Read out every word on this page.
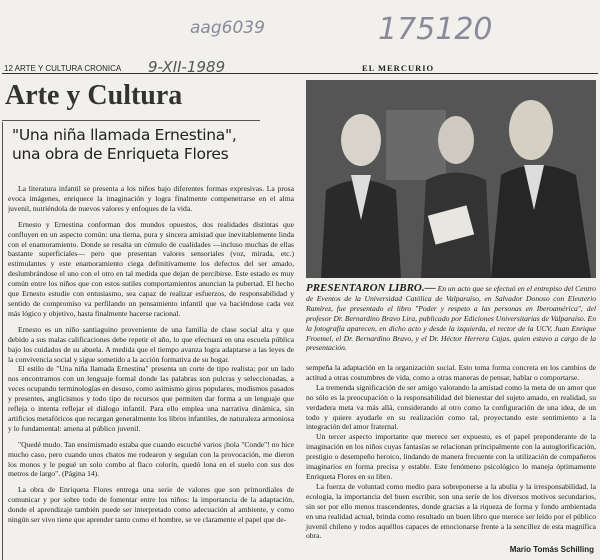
aag6039	175120
9-XII-1989
12 ARTE Y CULTURA CRONICA	EL MERCURIO
Arte y Cultura
"Una niña llamada Ernestina",
una obra de Enriqueta Flores

La literatura infantil se presenta a los niños bajo diferentes formas expresivas. La prosa evoca imágenes, enriquece la imaginación y logra finalmente compenetrarse en el alma juvenil, nutriéndola de nuevos valores y enfoques de la vida.

Ernesto y Ernestina conforman dos mundos opuestos, dos realidades distintas que confluyen en un aspecto común: una tierna, pura y sincera amistad que inevitablemente linda con el enamoramiento. Donde se resalta un cúmulo de cualidades —incluso muchas de ellas bastante superficiales— pero que presentan valores sensoriales (voz, mirada, etc.) estimulantes y este enamoramiento ciega definitivamente los defectos del ser amado, deslumbrándose el uno con el otro en tal medida que dejan de percibirse. Este estado es muy común entre los niños que con estos sutiles comportamientos anuncian la pubertad. El hecho que Ernesto estudie con entusiasmo, sea capaz de realizar esfuerzos, de responsabilidad y sentido de compromiso va perfilando un pensamiento infantil que va haciéndose cada vez más lógico y objetivo, hasta finalmente hacerse racional.

Ernesto es un niño santiaguino proveniente de una familia de clase social alta y que debido a sus malas calificaciones debe repetir el año, lo que efectuará en una escuela pública bajo los cuidados de su abuela. A medida que el tiempo avanza logra adaptarse a las leyes de la convivencia social y sigue sometido a la acción formativa de su hogar.

El estilo de "Una niña llamada Ernestina" presenta un corte de tipo realista; por un lado nos encontramos con un lenguaje formal donde las palabras son pulcras y seleccionadas, a veces ocupando terminologías en desuso, como asimismo giros populares, modismos pasados y presentes, anglicismos y todo tipo de recursos que permiten dar forma a un lenguaje que refleja o intenta reflejar el diálogo infantil. Para ello emplea una narrativa dinámica, sin artificios metafóricos que recargan generalmente los libros infantiles, de naturaleza armoniosa y lo fundamental: amena al público juvenil.

"Quedé mudo. Tan ensimismado estaba que cuando escuché varios ¡hola "Conde"! no hice mucho caso, pero cuando unos chatos me rodearon y seguían con la provocación, me dieron los monos y le pegué un solo combo al flaco colorín, quedó lona en el suelo con sus dos metros de largo". (Página 14).

La obra de Enriqueta Flores entrega una serie de valores que son primordiales de comunicar y por sobre todo de fomentar entre los niños: la importancia de la adaptación, donde el aprendizaje también puede ser interpretado como adecuación al ambiente, y como ningún ser vivo tiene que aprender tanto como el hombre, se ve claramente el papel que de-

PRESENTARON LIBRO.— En un acto que se efectuó en el entrepiso del Centro de Eventos de la Universidad Católica de Valparaíso, en Salvador Donoso con Eleuterio Ramírez, fue presentado el libro "Poder y respeto a las personas en Iberoamérica", del profesor Dr. Bernardino Bravo Lira, publicado por Ediciones Universitarias de Valparaíso. En la fotografía aparecen, en dicho acto y desde la izquierda, el rector de la UCV, Juan Enrique Froemel, el Dr. Bernardino Bravo, y el Dr. Héctor Herrera Cajas, quien estuvo a cargo de la presentación.

sempeña la adaptación en la organización social. Esto toma forma concreta en los cambios de actitud a otras costumbres de vida, como a otras maneras de pensar, hablar o comportarse.

La tremenda significación de ser amigo valorando la amistad como la meta de un amor que no sólo es la preocupación o la responsabilidad del bienestar del sujeto amado, en realidad, su verdadera meta va más allá, considerando al otro como la configuración de una idea, de un todo y quiere ayudarle en su realización como tal, proyectando este sentimiento a la integración del amor fraternal.

Un tercer aspecto importante que merece ser expuesto, es el papel preponderante de la imaginación en los niños cuyas fantasías se relacionan principalmente con la autoglorificación, prestigio o desempeño heroico, lindando de manera frecuente con la utilización de compañeros imaginarios en forma precisa y estable. Este fenómeno psicológico lo maneja óptimamente Enriqueta Flores en su libro.

La fuerza de voluntad como medio para sobreponerse a la abulia y la irresponsabilidad, la ecología, la importancia del buen escribir, son una serie de los diversos motivos secundarios, sin ser por ello menos trascendentes, donde gracias a la riqueza de forma y fondo ambientada en una realidad actual, brinda como resultado un buen libro que merece ser leído por el público juvenil chileno y todos aquéllos capaces de emocionarse frente a la sencillez de esta magnífica obra.

Mario Tomás Schilling
